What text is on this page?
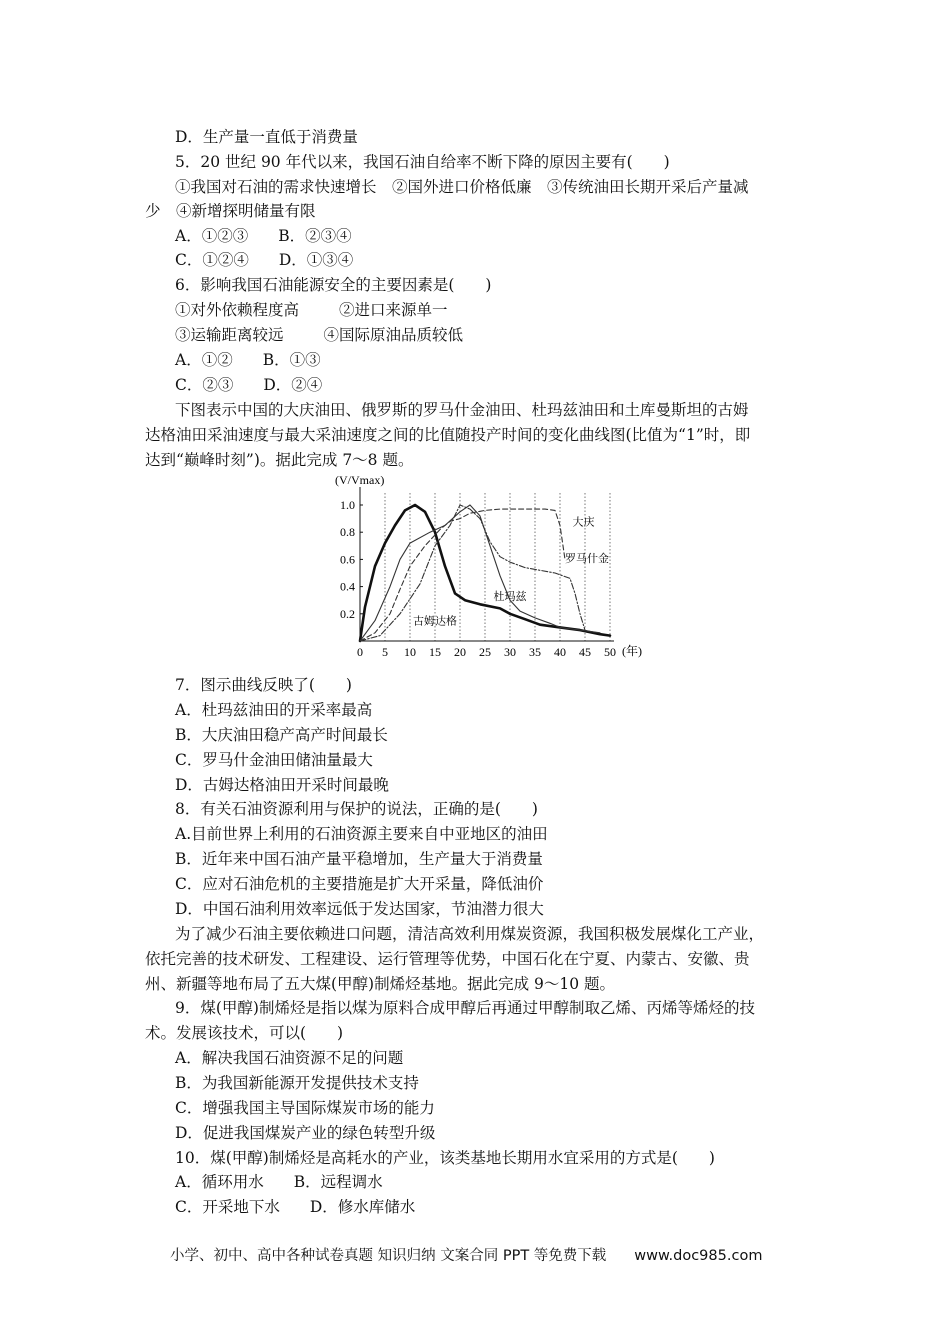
D．生产量一直低于消费量
5．20 世纪 90 年代以来，我国石油自给率不断下降的原因主要有(　　)
①我国对石油的需求快速增长　②国外进口价格低廉　③传统油田长期开采后产量减
少　④新增探明储量有限
A．①②③ B．②③④
C．①②④ D．①③④
6．影响我国石油能源安全的主要因素是(　　)
①对外依赖程度高	②进口来源单一
③运输距离较远	④国际原油品质较低
A．①② B．①③
C．②③ D．②④
下图表示中国的大庆油田、俄罗斯的罗马什金油田、杜玛兹油田和土库曼斯坦的古姆
达格油田采油速度与最大采油速度之间的比值随投产时间的变化曲线图(比值为“1”时，即
达到“巅峰时刻”)。据此完成 7～8 题。
(V/Vmax)
(年)
0 5 10 15 20 25 30 35 40 45 50
0.2
0.4
0.6
0.8
1.0
古姆达格
杜玛兹
大庆
罗马什金
7．图示曲线反映了(　　)
A．杜玛兹油田的开采率最高
B．大庆油田稳产高产时间最长
C．罗马什金油田储油量最大
D．古姆达格油田开采时间最晚
8．有关石油资源利用与保护的说法，正确的是(　　)
A.目前世界上利用的石油资源主要来自中亚地区的油田
B．近年来中国石油产量平稳增加，生产量大于消费量
C．应对石油危机的主要措施是扩大开采量，降低油价
D．中国石油利用效率远低于发达国家，节油潜力很大
为了减少石油主要依赖进口问题，清洁高效利用煤炭资源，我国积极发展煤化工产业，
依托完善的技术研发、工程建设、运行管理等优势，中国石化在宁夏、内蒙古、安徽、贵
州、新疆等地布局了五大煤(甲醇)制烯烃基地。据此完成 9～10 题。
9．煤(甲醇)制烯烃是指以煤为原料合成甲醇后再通过甲醇制取乙烯、丙烯等烯烃的技
术。发展该技术，可以(　　)
A．解决我国石油资源不足的问题
B．为我国新能源开发提供技术支持
C．增强我国主导国际煤炭市场的能力
D．促进我国煤炭产业的绿色转型升级
10．煤(甲醇)制烯烃是高耗水的产业，该类基地长期用水宜采用的方式是(　　)
A．循环用水 B．远程调水
C．开采地下水 D．修水库储水
小学、初中、高中各种试卷真题 知识归纳 文案合同 PPT 等免费下载 www.doc985.com
